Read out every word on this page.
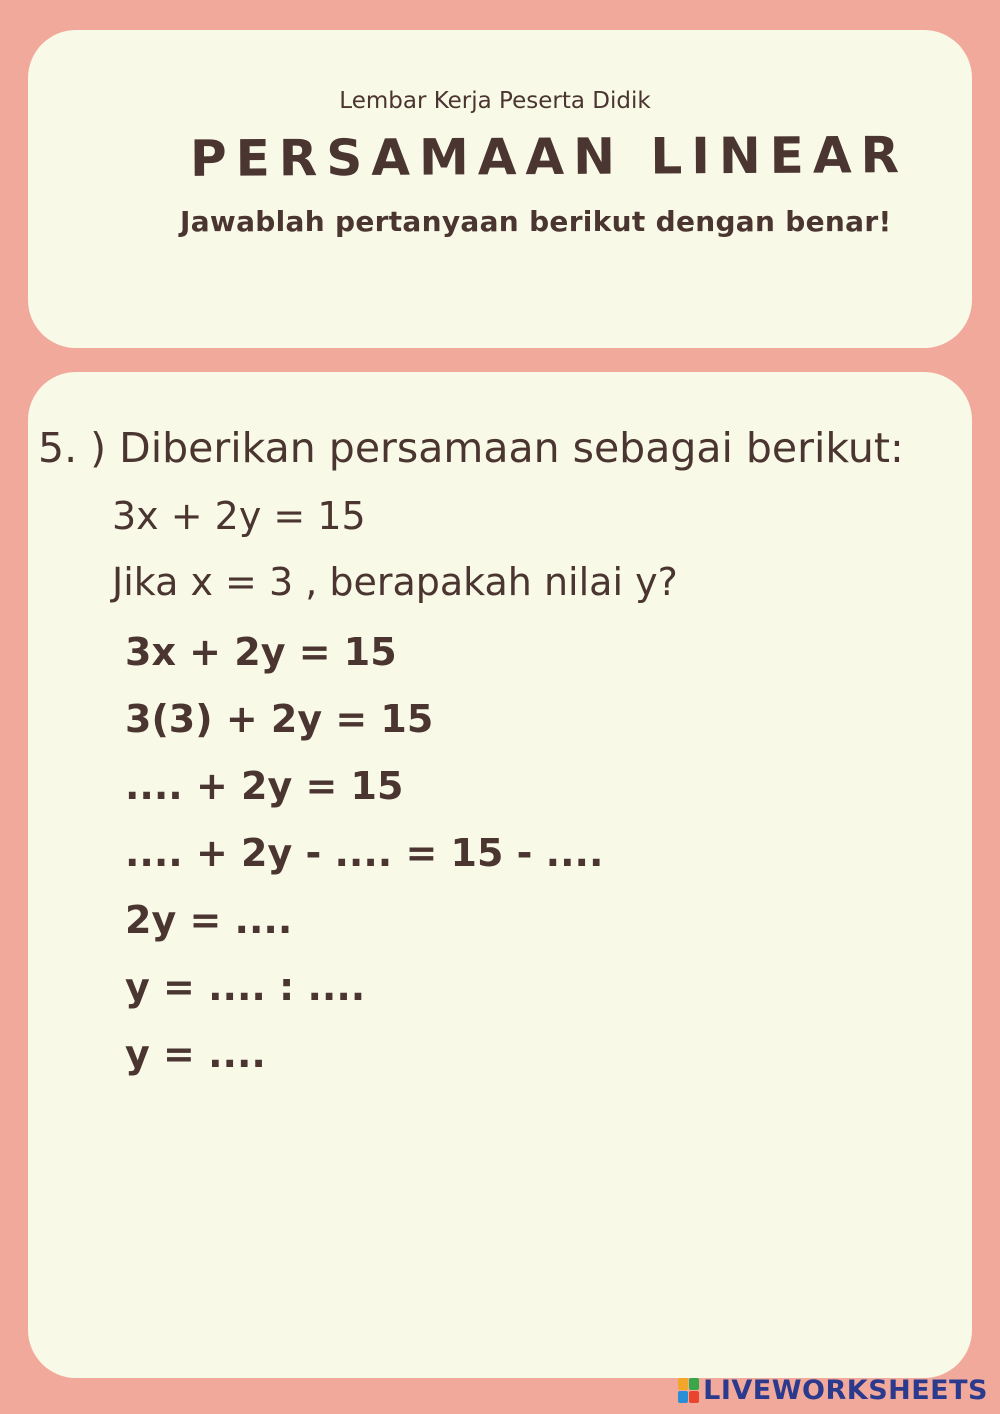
Lembar Kerja Peserta Didik
PERSAMAAN LINEAR
Jawablah pertanyaan berikut dengan benar!
5. ) Diberikan persamaan sebagai berikut:
3x + 2y = 15
Jika x = 3 , berapakah nilai y?
3x + 2y = 15
3(3) + 2y = 15
.... + 2y = 15
.... + 2y - .... = 15 - ....
2y = ....
y = .... : ....
y = ....
LIVEWORKSHEETS
